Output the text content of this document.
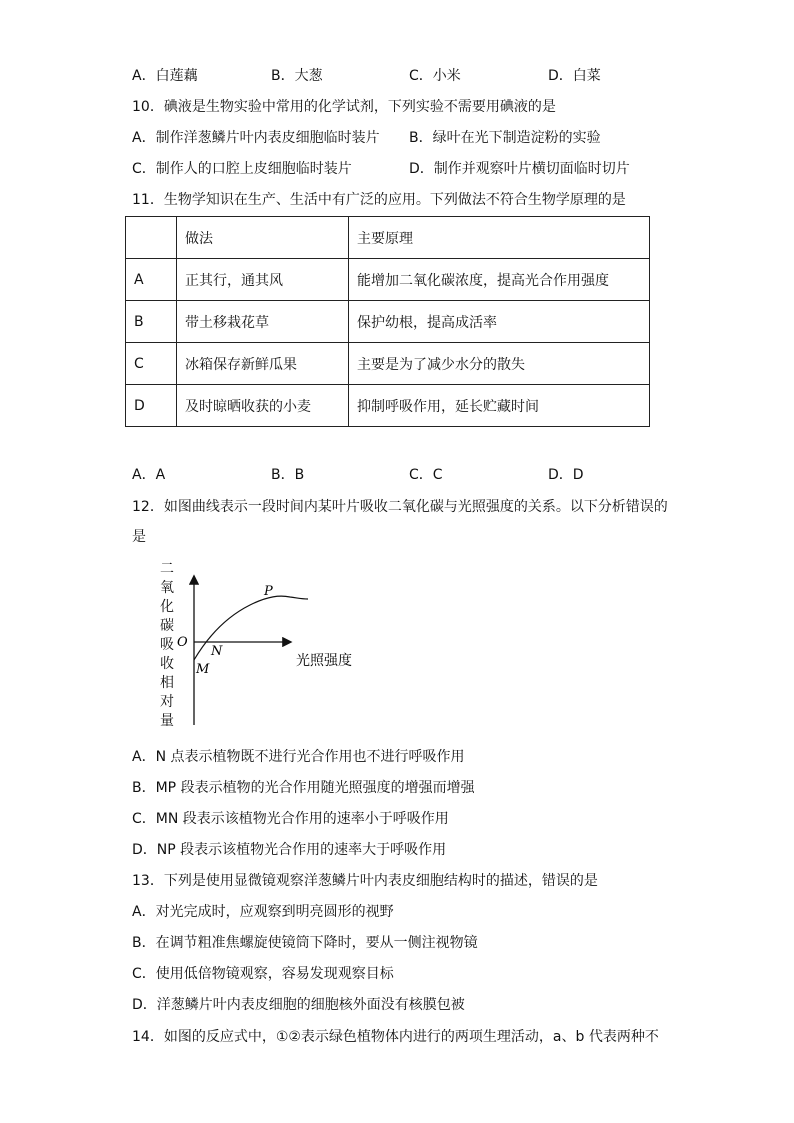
A．白莲藕	B．大葱	C．小米	D．白菜
10．碘液是生物实验中常用的化学试剂，下列实验不需要用碘液的是
A．制作洋葱鳞片叶内表皮细胞临时装片 B．绿叶在光下制造淀粉的实验
C．制作人的口腔上皮细胞临时装片	D．制作并观察叶片横切面临时切片
11．生物学知识在生产、生活中有广泛的应用。下列做法不符合生物学原理的是
	做法	主要原理
A	正其行，通其风	能增加二氧化碳浓度，提高光合作用强度
B	带土移栽花草	保护幼根，提高成活率
C	冰箱保存新鲜瓜果	主要是为了减少水分的散失
D	及时晾晒收获的小麦	抑制呼吸作用，延长贮藏时间
A．A	B．B	C．C	D．D
12．如图曲线表示一段时间内某叶片吸收二氧化碳与光照强度的关系。以下分析错误的
是
二氧化碳吸收相对量
O
P
N
M
光照强度
A．N 点表示植物既不进行光合作用也不进行呼吸作用
B．MP 段表示植物的光合作用随光照强度的增强而增强
C．MN 段表示该植物光合作用的速率小于呼吸作用
D．NP 段表示该植物光合作用的速率大于呼吸作用
13．下列是使用显微镜观察洋葱鳞片叶内表皮细胞结构时的描述，错误的是
A．对光完成时，应观察到明亮圆形的视野
B．在调节粗准焦螺旋使镜筒下降时，要从一侧注视物镜
C．使用低倍物镜观察，容易发现观察目标
D．洋葱鳞片叶内表皮细胞的细胞核外面没有核膜包被
14．如图的反应式中，①②表示绿色植物体内进行的两项生理活动，a、b 代表两种不
